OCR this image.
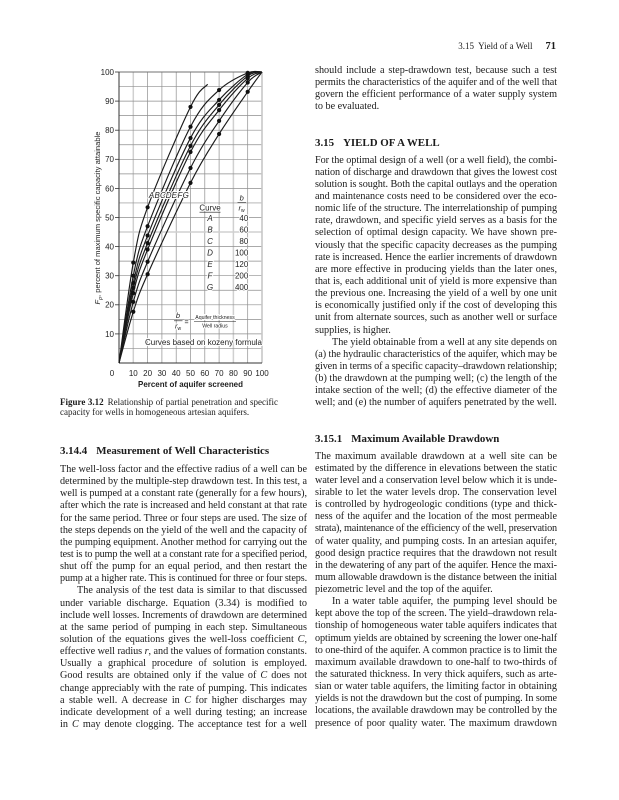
3.15  Yield of a Well 71
10
20
30
40
50
60
70
80
90
100
0 10 20 30 40 50 60 70 80 90 100
A B C D E F G
Curve
b
$r_w$
A	40
B	60
C	80
D	100
E	120
F	200
G	400
b
$r_w$
=
Aquifer thickness
Well radius
Curves based on kozeny formula
Percent of aquifer screened
$F_p$, percent of maximum specific capacity attainable
Figure 3.12 Relationship of partial penetration and specific
capacity for wells in homogeneous artesian aquifers.
3.14.4 Measurement of Well Characteristics
The well-loss factor and the effective radius of a well can be
determined by the multiple-step drawdown test. In this test, a
well is pumped at a constant rate (generally for a few hours),
after which the rate is increased and held constant at that rate
for the same period. Three or four steps are used. The size of
the steps depends on the yield of the well and the capacity of
the pumping equipment. Another method for carrying out the
test is to pump the well at a constant rate for a specified period,
shut off the pump for an equal period, and then restart the
pump at a higher rate. This is continued for three or four steps.
The analysis of the test data is similar to that discussed
under variable discharge. Equation (3.34) is modified to
include well losses. Increments of drawdown are determined
at the same period of pumping in each step. Simultaneous
solution of the equations gives the well-loss coefficient C,
effective well radius r, and the values of formation constants.
Usually a graphical procedure of solution is employed.
Good results are obtained only if the value of C does not
change appreciably with the rate of pumping. This indicates
a stable well. A decrease in C for higher discharges may
indicate development of a well during testing; an increase
in C may denote clogging. The acceptance test for a well
should include a step-drawdown test, because such a test
permits the characteristics of the aquifer and of the well that
govern the efficient performance of a water supply system
to be evaluated.
3.15 YIELD OF A WELL
For the optimal design of a well (or a well field), the combi-
nation of discharge and drawdown that gives the lowest cost
solution is sought. Both the capital outlays and the operation
and maintenance costs need to be considered over the eco-
nomic life of the structure. The interrelationship of pumping
rate, drawdown, and specific yield serves as a basis for the
selection of optimal design capacity. We have shown pre-
viously that the specific capacity decreases as the pumping
rate is increased. Hence the earlier increments of drawdown
are more effective in producing yields than the later ones,
that is, each additional unit of yield is more expensive than
the previous one. Increasing the yield of a well by one unit
is economically justified only if the cost of developing this
unit from alternate sources, such as another well or surface
supplies, is higher.
The yield obtainable from a well at any site depends on
(a) the hydraulic characteristics of the aquifer, which may be
given in terms of a specific capacity–drawdown relationship;
(b) the drawdown at the pumping well; (c) the length of the
intake section of the well; (d) the effective diameter of the
well; and (e) the number of aquifers penetrated by the well.
3.15.1 Maximum Available Drawdown
The maximum available drawdown at a well site can be
estimated by the difference in elevations between the static
water level and a conservation level below which it is unde-
sirable to let the water levels drop. The conservation level
is controlled by hydrogeologic conditions (type and thick-
ness of the aquifer and the location of the most permeable
strata), maintenance of the efficiency of the well, preservation
of water quality, and pumping costs. In an artesian aquifer,
good design practice requires that the drawdown not result
in the dewatering of any part of the aquifer. Hence the maxi-
mum allowable drawdown is the distance between the initial
piezometric level and the top of the aquifer.
In a water table aquifer, the pumping level should be
kept above the top of the screen. The yield–drawdown rela-
tionship of homogeneous water table aquifers indicates that
optimum yields are obtained by screening the lower one-half
to one-third of the aquifer. A common practice is to limit the
maximum available drawdown to one-half to two-thirds of
the saturated thickness. In very thick aquifers, such as arte-
sian or water table aquifers, the limiting factor in obtaining
yields is not the drawdown but the cost of pumping. In some
locations, the available drawdown may be controlled by the
presence of poor quality water. The maximum drawdown
